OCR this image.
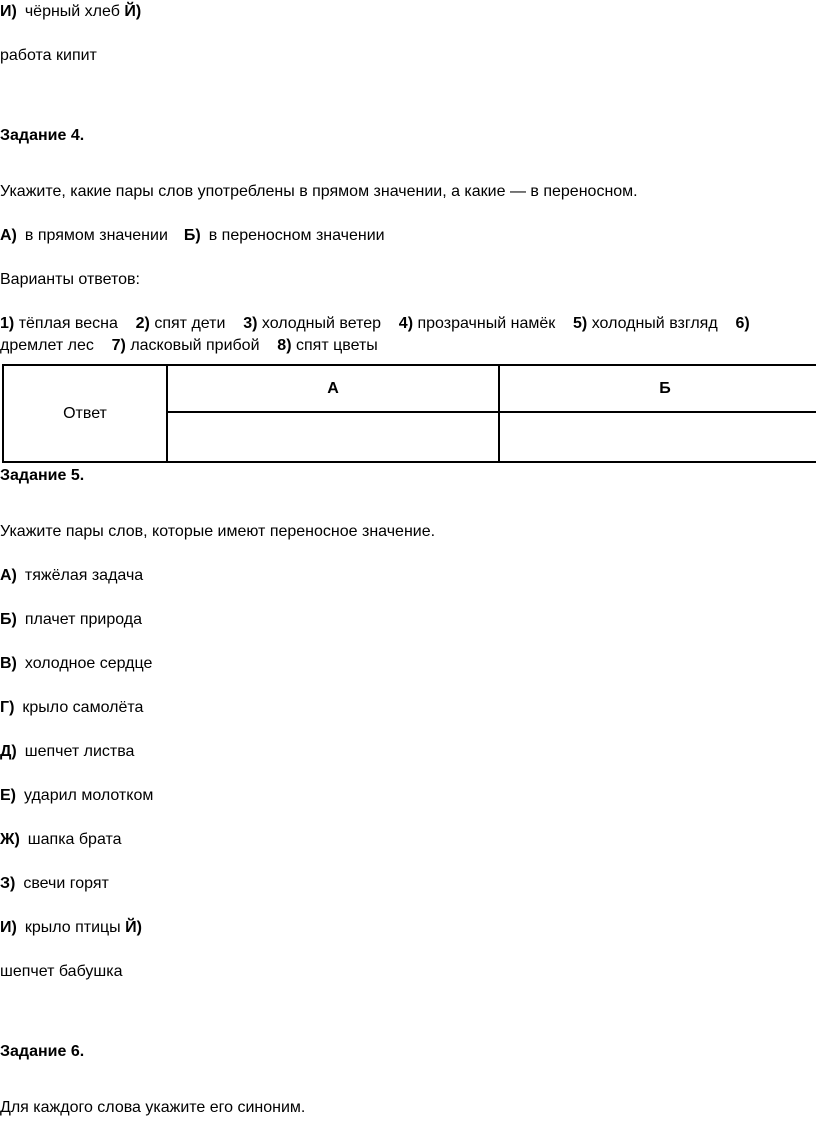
И) чёрный хлеб Й)
работа кипит
Задание 4.
Укажите, какие пары слов употреблены в прямом значении, а какие — в переносном.
А) в прямом значении Б) в переносном значении
Варианты ответов:
1) тёплая весна 2) спят дети 3) холодный ветер 4) прозрачный намёк 5) холодный взгляд 6) дремлет лес 7) ласковый прибой 8) спят цветы
Ответ	А	Б

Задание 5.
Укажите пары слов, которые имеют переносное значение.
А) тяжёлая задача
Б) плачет природа
В) холодное сердце
Г) крыло самолёта
Д) шепчет листва
Е) ударил молотком
Ж) шапка брата
З) свечи горят
И) крыло птицы Й)
шепчет бабушка
Задание 6.
Для каждого слова укажите его синоним.
